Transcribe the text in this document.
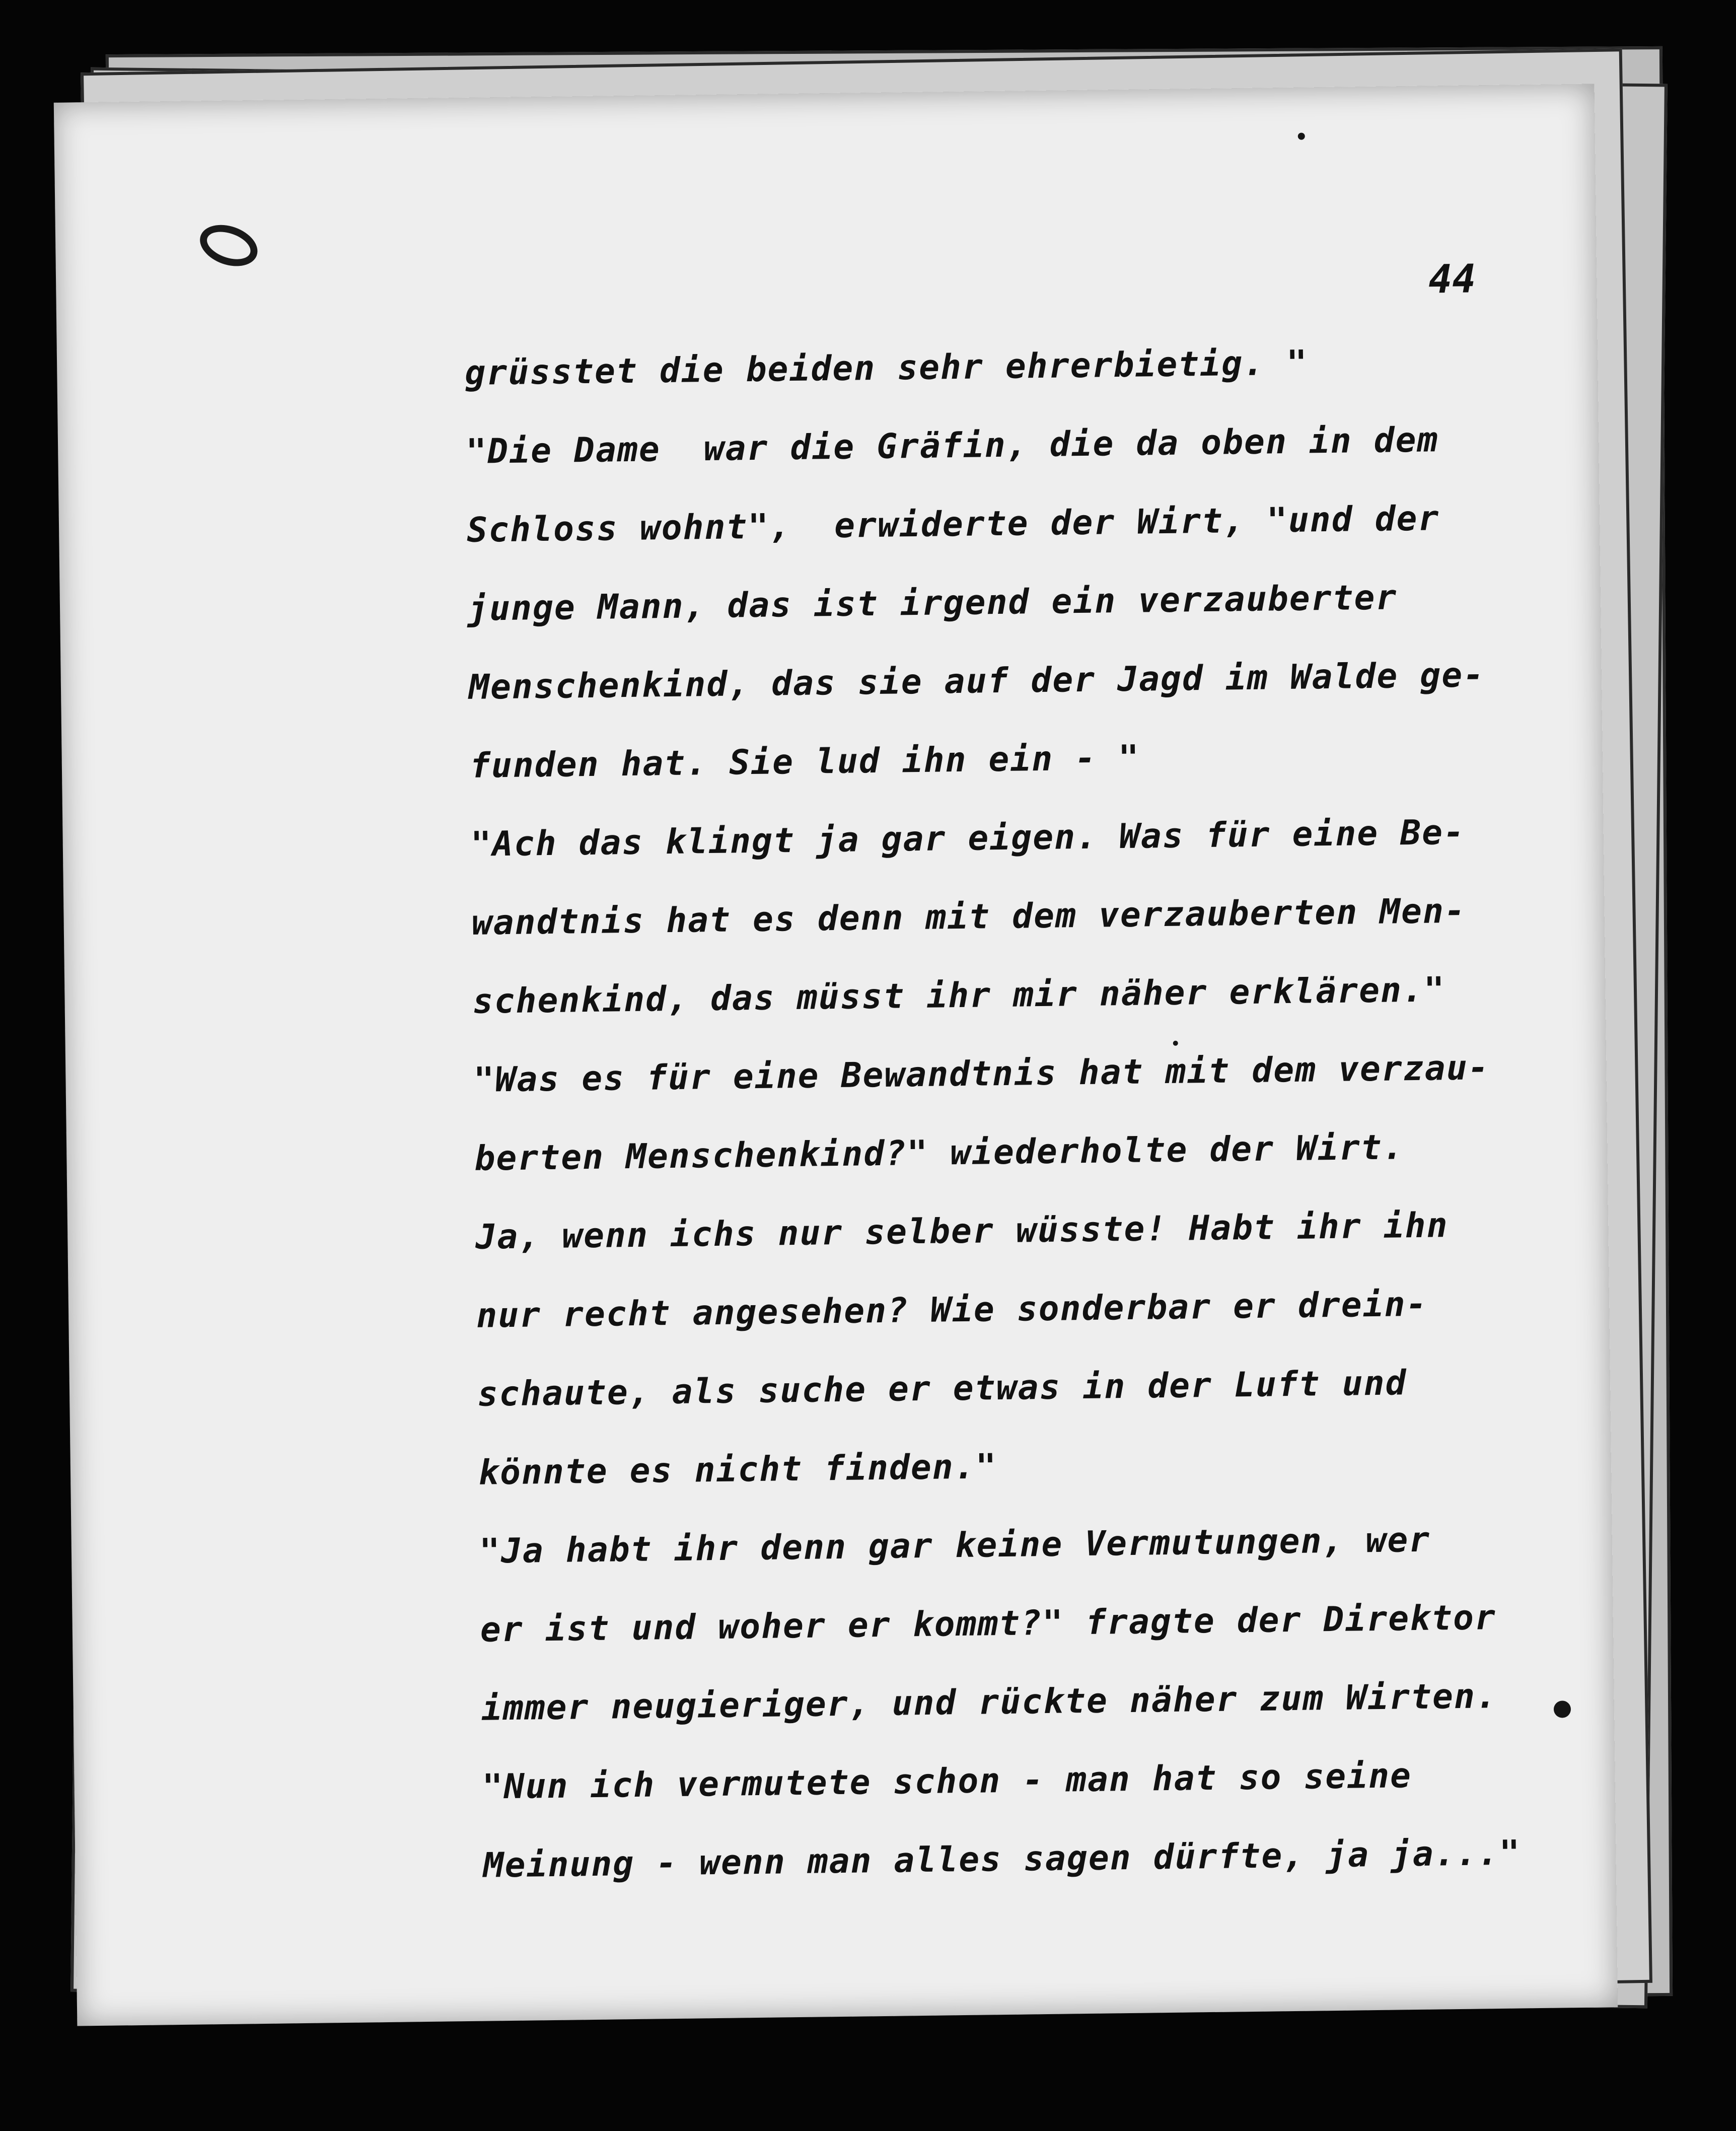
44
grüsstet die beiden sehr ehrerbietig. "
"Die Dame  war die Gräfin, die da oben in dem
Schloss wohnt",  erwiderte der Wirt, "und der
junge Mann, das ist irgend ein verzauberter
Menschenkind, das sie auf der Jagd im Walde ge-
funden hat. Sie lud ihn ein - "
"Ach das klingt ja gar eigen. Was für eine Be-
wandtnis hat es denn mit dem verzauberten Men-
schenkind, das müsst ihr mir näher erklären."
"Was es für eine Bewandtnis hat mit dem verzau-
berten Menschenkind?" wiederholte der Wirt.
Ja, wenn ichs nur selber wüsste! Habt ihr ihn
nur recht angesehen? Wie sonderbar er drein-
schaute, als suche er etwas in der Luft und
könnte es nicht finden."
"Ja habt ihr denn gar keine Vermutungen, wer
er ist und woher er kommt?" fragte der Direktor
immer neugieriger, und rückte näher zum Wirten.
"Nun ich vermutete schon - man hat so seine
Meinung - wenn man alles sagen dürfte, ja ja..."
